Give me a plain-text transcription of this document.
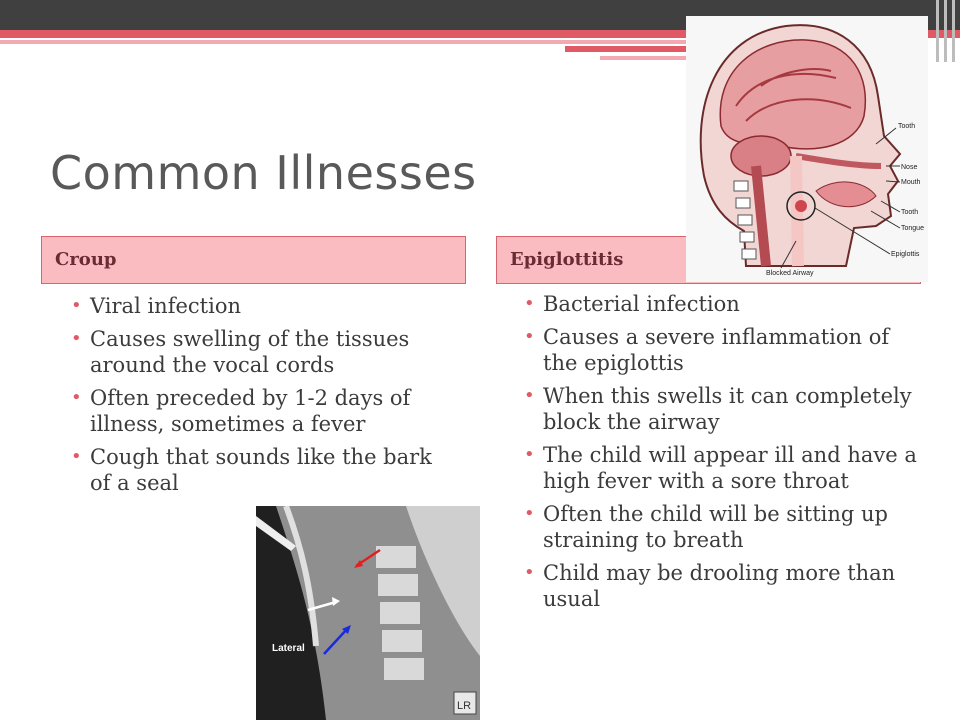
Common Illnesses
Croup	Epiglottitis
• Viral infection
• Causes swelling of the tissues around the vocal cords
• Often preceded by 1-2 days of illness, sometimes a fever
• Cough that sounds like the bark of a seal
• Bacterial infection
• Causes a severe inflammation of the epiglottis
• When this swells it can completely block the airway
• The child will appear ill and have a high fever with a sore throat
• Often the child will be sitting up straining to breath
• Child may be drooling more than usual
Tooth
Nose
Mouth
Tooth
Tongue
Epiglottis
Blocked Airway
Lateral
LR
